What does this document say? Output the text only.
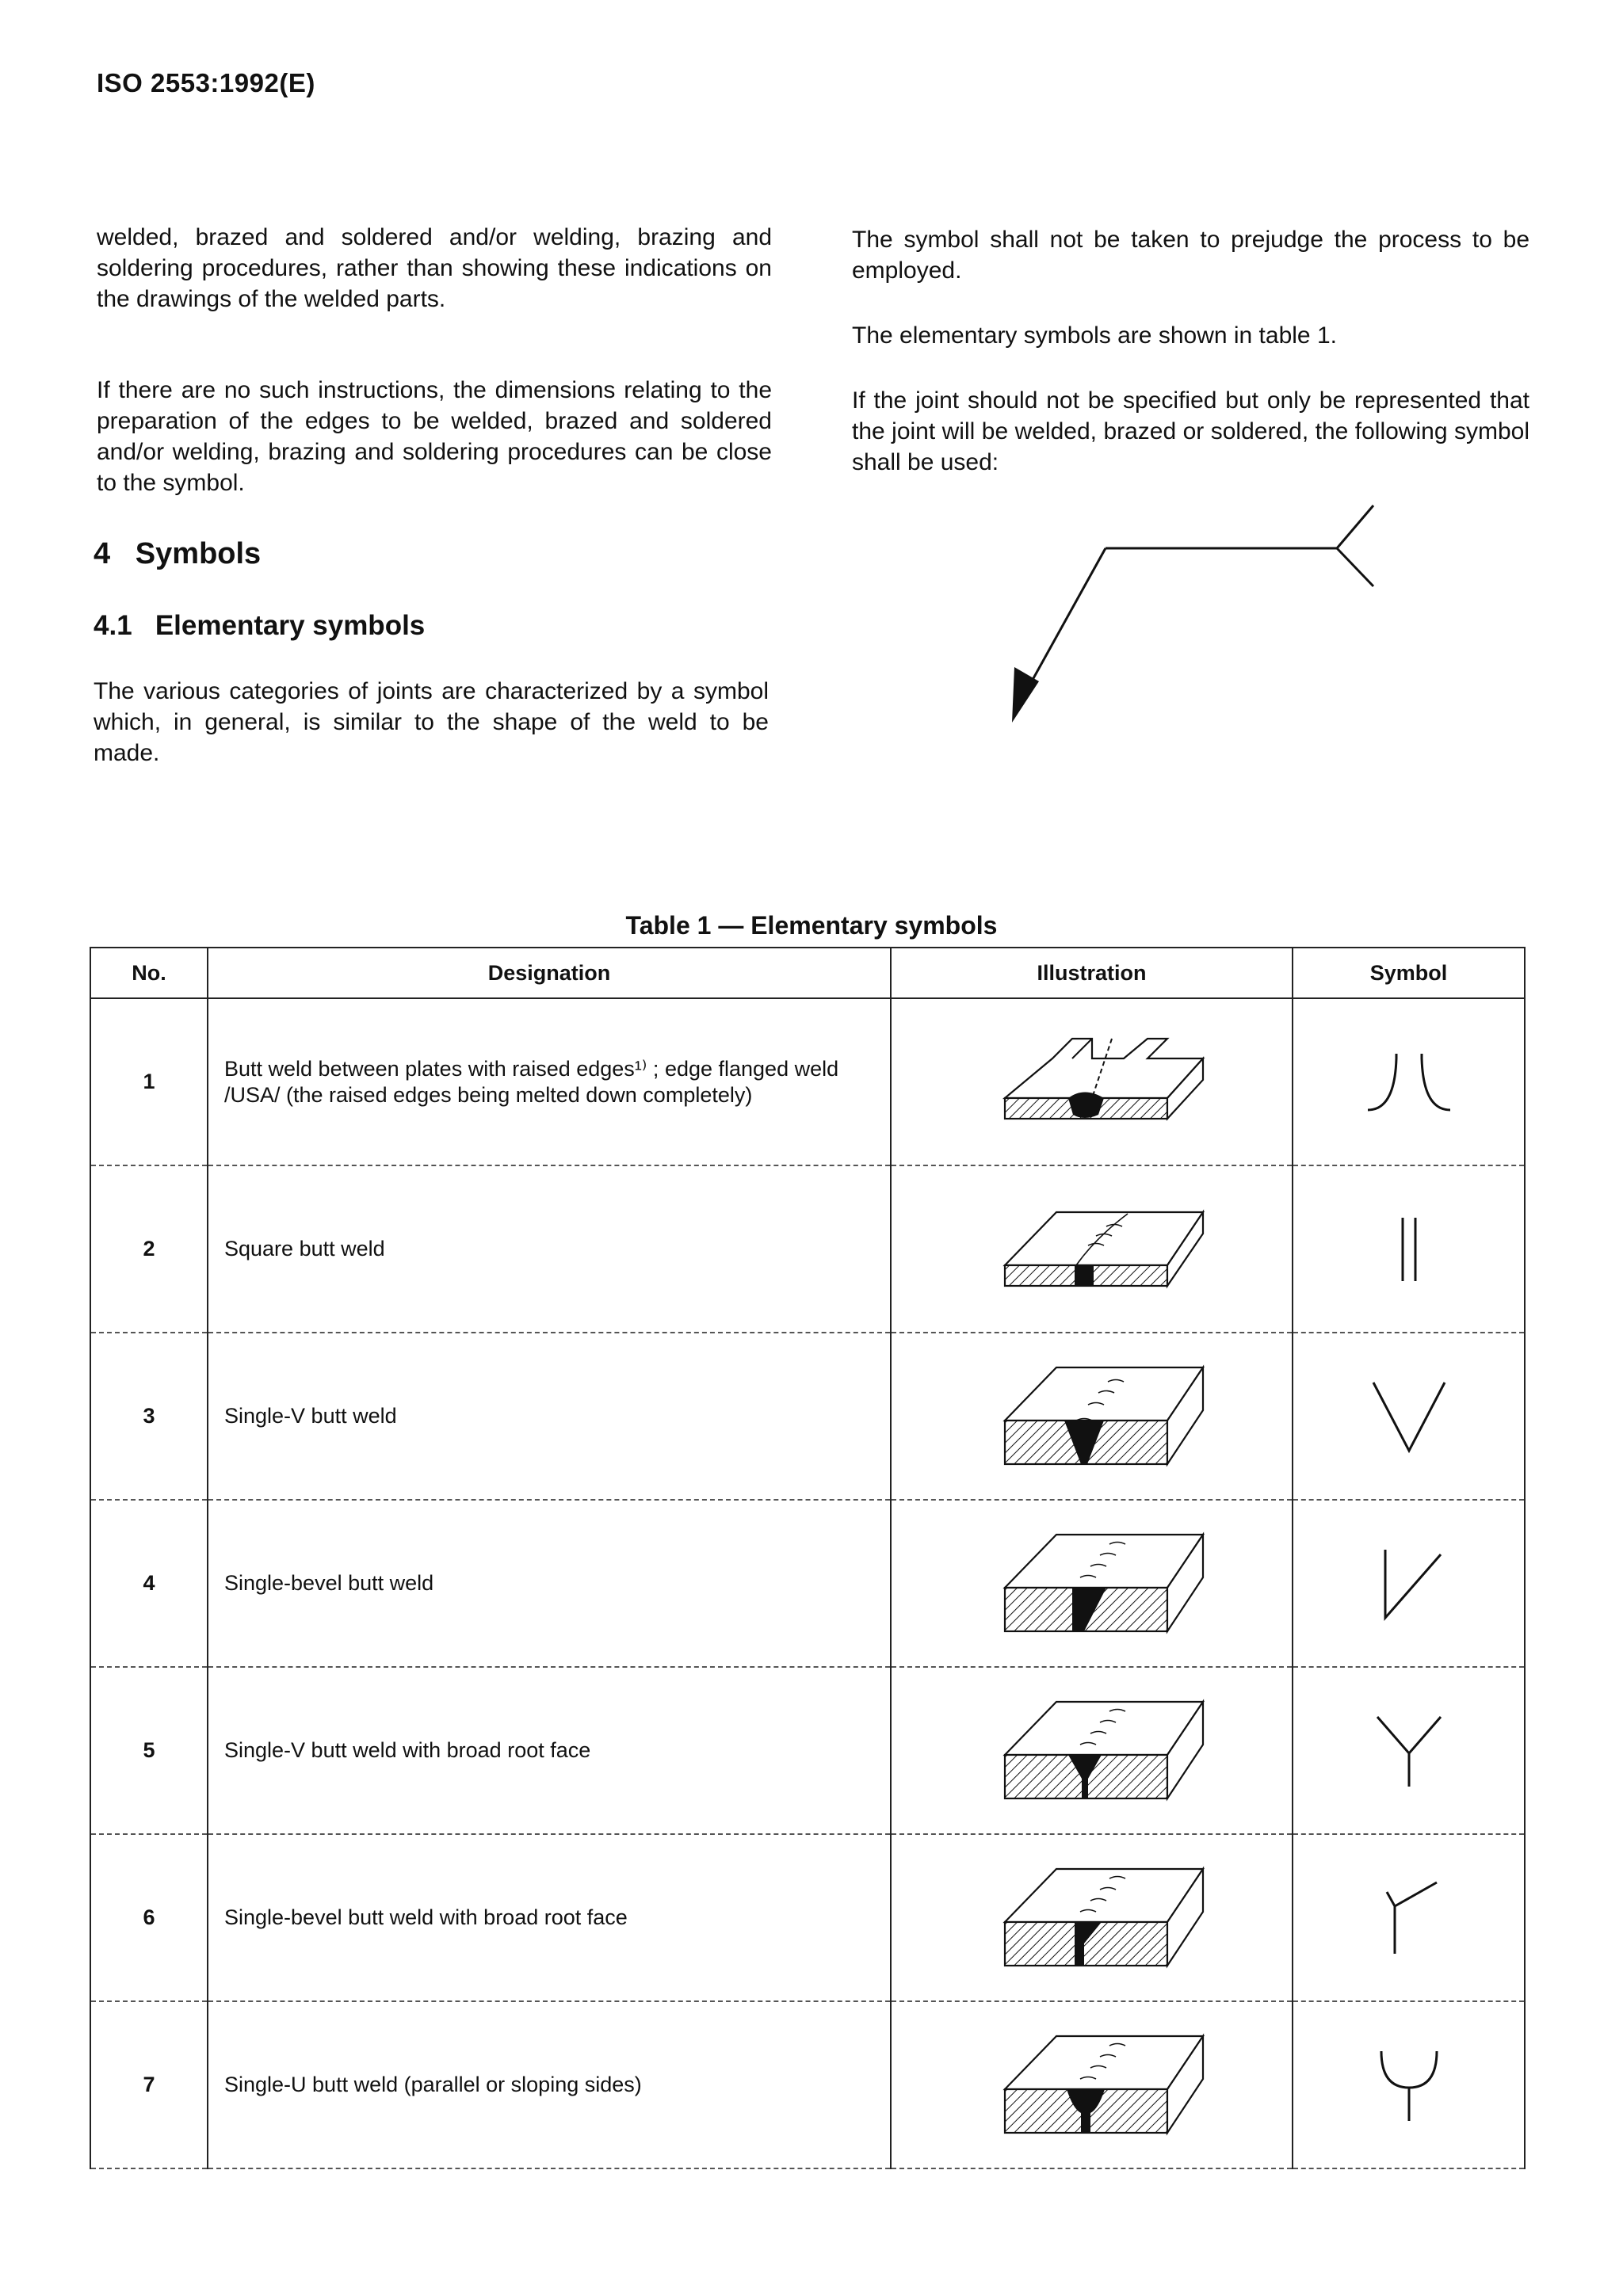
ISO 2553:1992(E)
welded, brazed and soldered and/or welding, brazing and soldering procedures, rather than showing these indications on the drawings of the welded parts.
If there are no such instructions, the dimensions relating to the preparation of the edges to be welded, brazed and soldered and/or welding, brazing and soldering procedures can be close to the symbol.
4   Symbols
4.1   Elementary symbols
The various categories of joints are characterized by a symbol which, in general, is similar to the shape of the weld to be made.
The symbol shall not be taken to prejudge the process to be employed.
The elementary symbols are shown in table 1.
If the joint should not be specified but only be represented that the joint will be welded, brazed or soldered, the following symbol shall be used:
Table 1 — Elementary symbols
No.	Designation	Illustration	Symbol
1	Butt weld between plates with raised edges¹⁾ ; edge flanged weld /USA/ (the raised edges being melted down completely)	

2	Square butt weld	

3	Single-V butt weld	

4	Single-bevel butt weld	

5	Single-V butt weld with broad root face	

6	Single-bevel butt weld with broad root face	

7	Single-U butt weld (parallel or sloping sides)	
